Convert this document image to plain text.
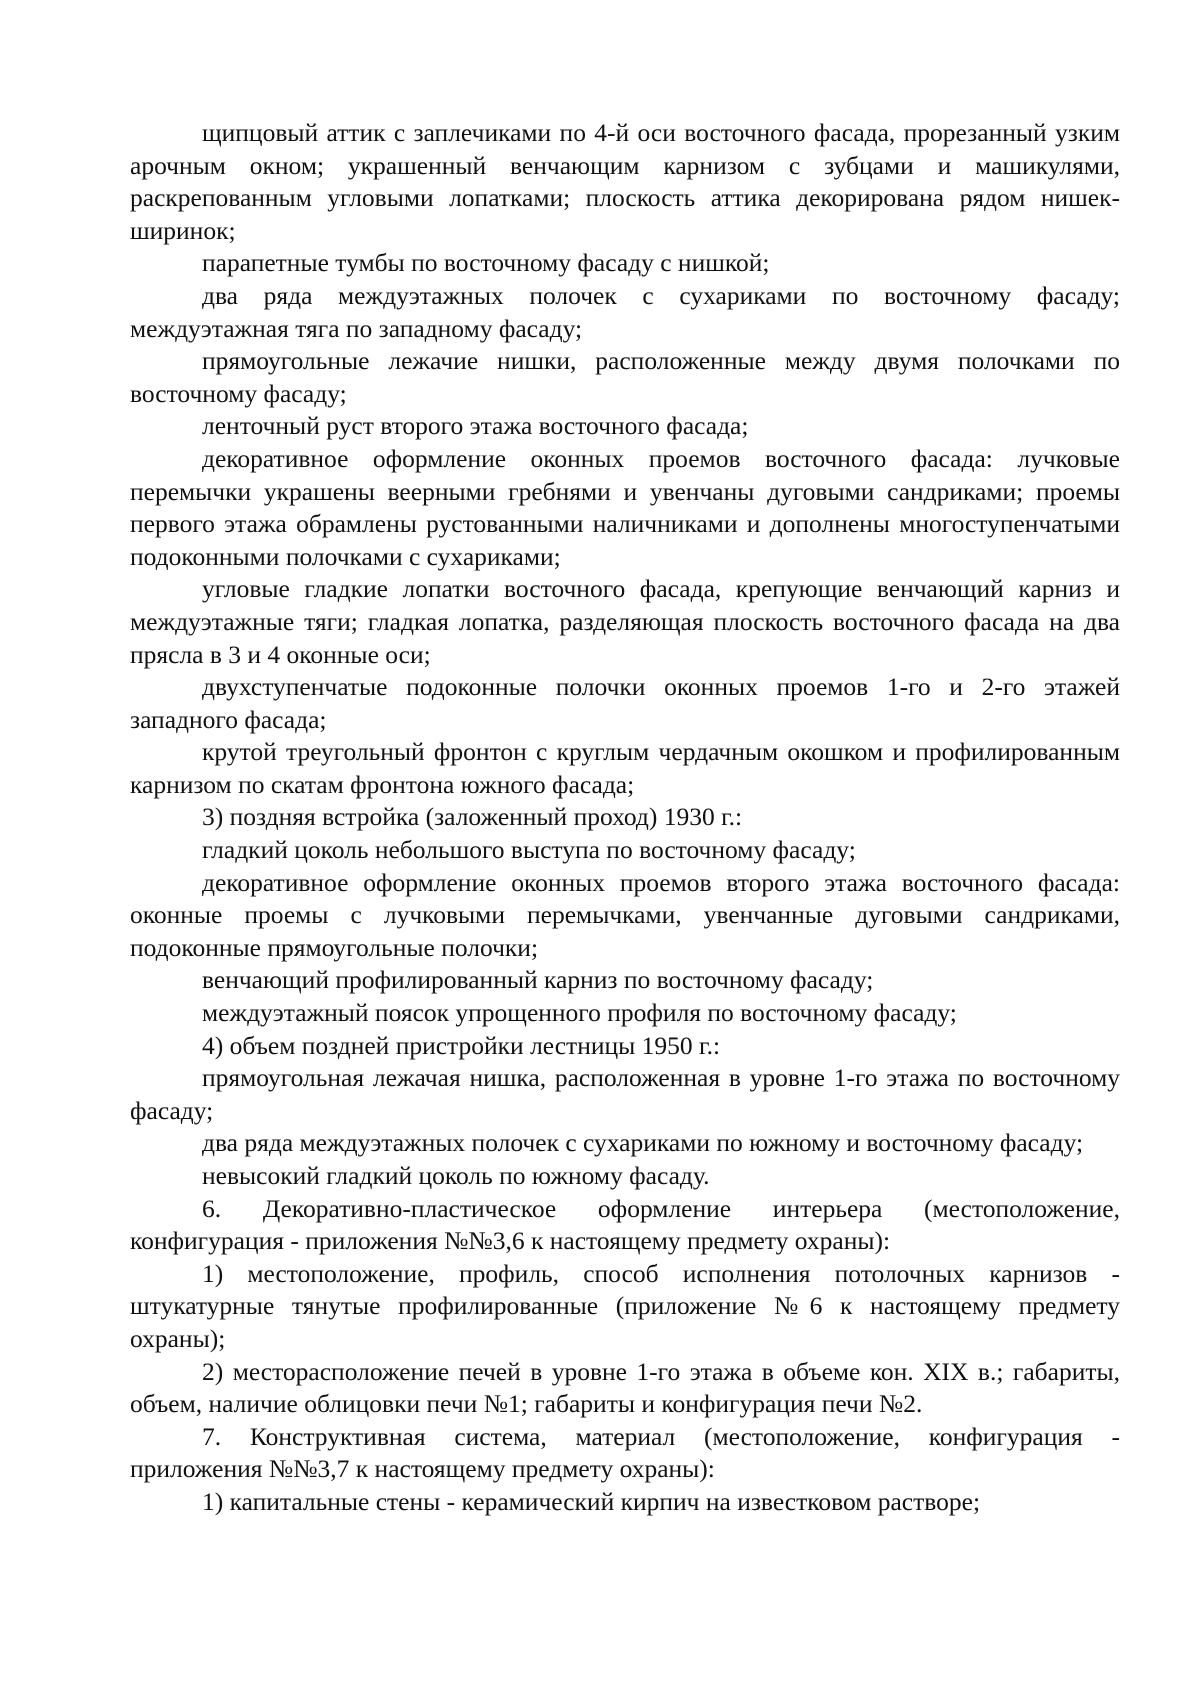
щипцовый аттик с заплечиками по 4-й оси восточного фасада, прорезанный узким арочным окном; украшенный венчающим карнизом с зубцами и машикулями, раскрепованным угловыми лопатками; плоскость аттика декорирована рядом нишек-ширинок;

парапетные тумбы по восточному фасаду с нишкой;

два ряда междуэтажных полочек с сухариками по восточному фасаду; междуэтажная тяга по западному фасаду;

прямоугольные лежачие нишки, расположенные между двумя полочками по восточному фасаду;

ленточный руст второго этажа восточного фасада;

декоративное оформление оконных проемов восточного фасада: лучковые перемычки украшены веерными гребнями и увенчаны дуговыми сандриками; проемы первого этажа обрамлены рустованными наличниками и дополнены многоступенчатыми подоконными полочками с сухариками;

угловые гладкие лопатки восточного фасада, крепующие венчающий карниз и междуэтажные тяги; гладкая лопатка, разделяющая плоскость восточного фасада на два прясла в 3 и 4 оконные оси;

двухступенчатые подоконные полочки оконных проемов 1-го и 2-го этажей западного фасада;

крутой треугольный фронтон с круглым чердачным окошком и профилированным карнизом по скатам фронтона южного фасада;

3) поздняя встройка (заложенный проход) 1930 г.:

гладкий цоколь небольшого выступа по восточному фасаду;

декоративное оформление оконных проемов второго этажа восточного фасада: оконные проемы с лучковыми перемычками, увенчанные дуговыми сандриками, подоконные прямоугольные полочки;

венчающий профилированный карниз по восточному фасаду;

междуэтажный поясок упрощенного профиля по восточному фасаду;

4) объем поздней пристройки лестницы 1950 г.:

прямоугольная лежачая нишка, расположенная в уровне 1-го этажа по восточному фасаду;

два ряда междуэтажных полочек с сухариками по южному и восточному фасаду;

невысокий гладкий цоколь по южному фасаду.

6. Декоративно-пластическое оформление интерьера (местоположение, конфигурация - приложения №№3,6 к настоящему предмету охраны):

1) местоположение, профиль, способ исполнения потолочных карнизов - штукатурные тянутые профилированные (приложение №6 к настоящему предмету охраны);

2) месторасположение печей в уровне 1-го этажа в объеме кон. XIX в.; габариты, объем, наличие облицовки печи №1; габариты и конфигурация печи №2.

7. Конструктивная система, материал (местоположение, конфигурация - приложения №№3,7 к настоящему предмету охраны):

1) капитальные стены - керамический кирпич на известковом растворе;
